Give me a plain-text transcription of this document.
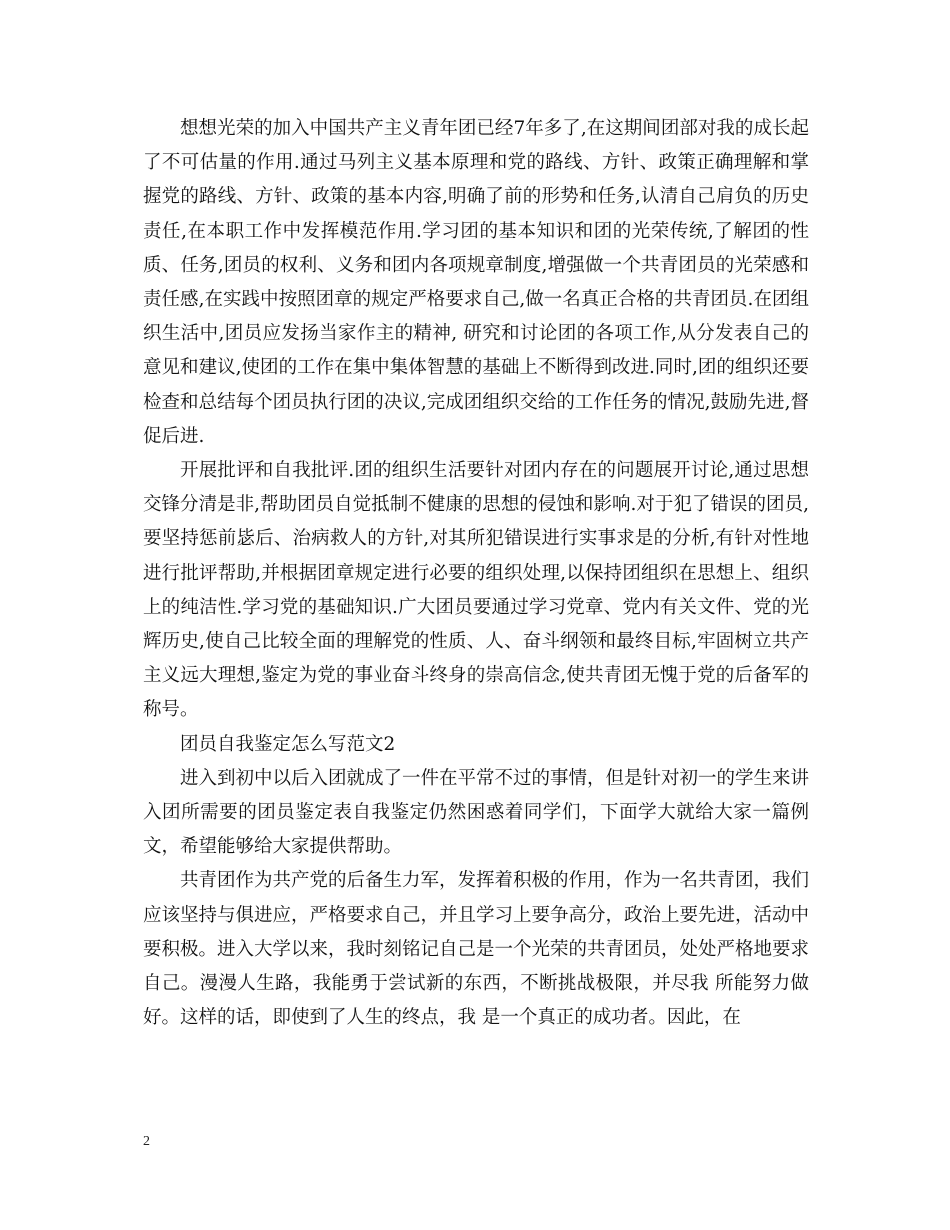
想想光荣的加入中国共产主义青年团已经7年多了,在这期间团部对我的成长起了不可估量的作用.通过马列主义基本原理和党的路线、方针、政策正确理解和掌握党的路线、方针、政策的基本内容,明确了前的形势和任务,认清自己肩负的历史责任,在本职工作中发挥模范作用.学习团的基本知识和团的光荣传统,了解团的性质、任务,团员的权利、义务和团内各项规章制度,增强做一个共青团员的光荣感和责任感,在实践中按照团章的规定严格要求自己,做一名真正合格的共青团员.在团组织生活中,团员应发扬当家作主的精神, 研究和讨论团的各项工作,从分发表自己的意见和建议,使团的工作在集中集体智慧的基础上不断得到改进.同时,团的组织还要检查和总结每个团员执行团的决议,完成团组织交给的工作任务的情况,鼓励先进,督促后进.

开展批评和自我批评.团的组织生活要针对团内存在的问题展开讨论,通过思想交锋分清是非,帮助团员自觉抵制不健康的思想的侵蚀和影响.对于犯了错误的团员,要坚持惩前毖后、治病救人的方针,对其所犯错误进行实事求是的分析,有针对性地进行批评帮助,并根据团章规定进行必要的组织处理,以保持团组织在思想上、组织上的纯洁性.学习党的基础知识.广大团员要通过学习党章、党内有关文件、党的光辉历史,使自己比较全面的理解党的性质、人、奋斗纲领和最终目标,牢固树立共产主义远大理想,鉴定为党的事业奋斗终身的崇高信念,使共青团无愧于党的后备军的称号。

团员自我鉴定怎么写范文2

进入到初中以后入团就成了一件在平常不过的事情，但是针对初一的学生来讲入团所需要的团员鉴定表自我鉴定仍然困惑着同学们，下面学大就给大家一篇例文，希望能够给大家提供帮助。

共青团作为共产党的后备生力军，发挥着积极的作用，作为一名共青团，我们应该坚持与俱进应，严格要求自己，并且学习上要争高分，政治上要先进，活动中要积极。进入大学以来，我时刻铭记自己是一个光荣的共青团员，处处严格地要求自己。漫漫人生路，我能勇于尝试新的东西，不断挑战极限，并尽我 所能努力做好。这样的话，即使到了人生的终点，我 是一个真正的成功者。因此，在

2
